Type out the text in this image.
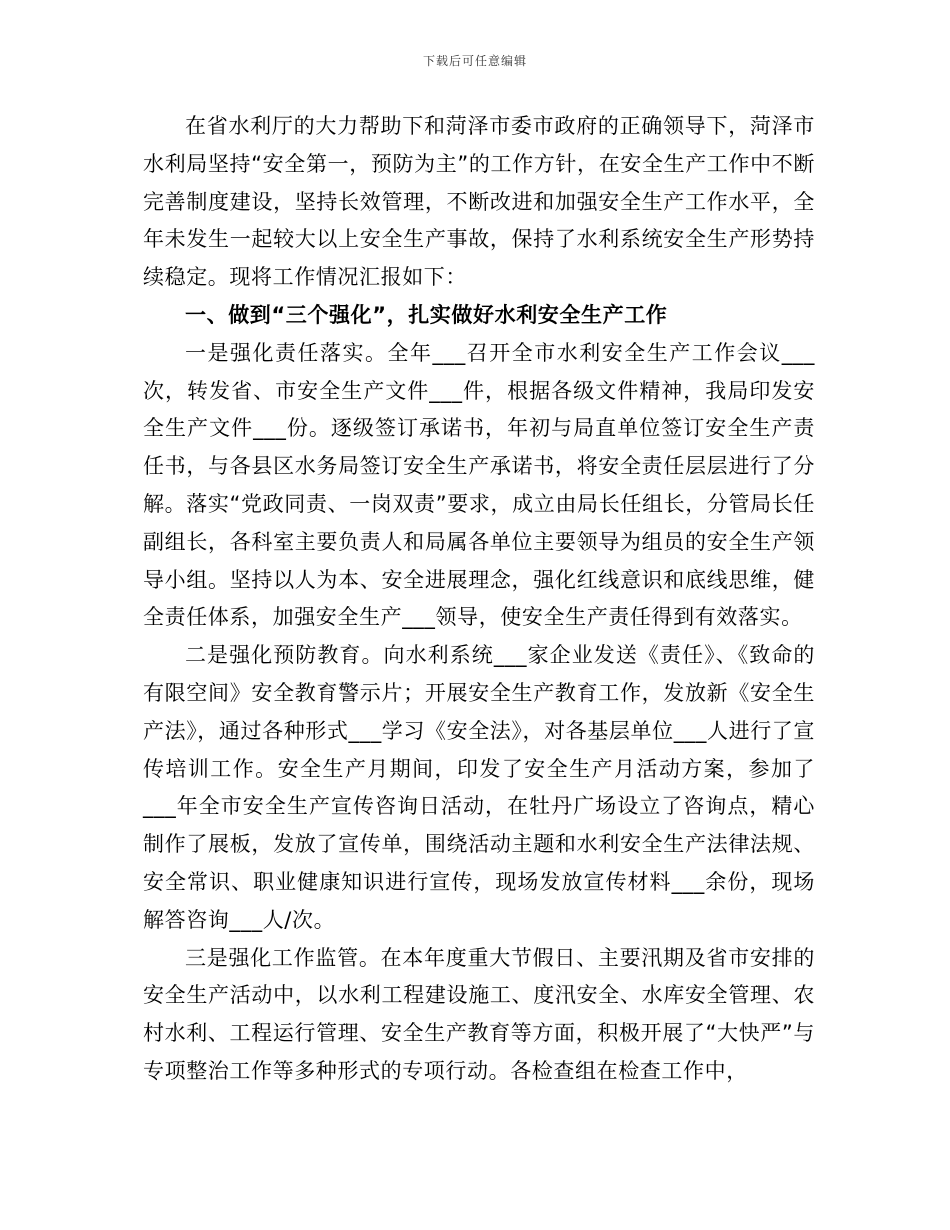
下载后可任意编辑

在省水利厅的大力帮助下和菏泽市委市政府的正确领导下，菏泽市水利局坚持“安全第一，预防为主”的工作方针，在安全生产工作中不断完善制度建设，坚持长效管理，不断改进和加强安全生产工作水平，全年未发生一起较大以上安全生产事故，保持了水利系统安全生产形势持续稳定。现将工作情况汇报如下：

一、做到“三个强化”，扎实做好水利安全生产工作

一是强化责任落实。全年___召开全市水利安全生产工作会议___次，转发省、市安全生产文件___件，根据各级文件精神，我局印发安全生产文件___份。逐级签订承诺书，年初与局直单位签订安全生产责任书，与各县区水务局签订安全生产承诺书，将安全责任层层进行了分解。落实“党政同责、一岗双责”要求，成立由局长任组长，分管局长任副组长，各科室主要负责人和局属各单位主要领导为组员的安全生产领导小组。坚持以人为本、安全进展理念，强化红线意识和底线思维，健全责任体系，加强安全生产___领导，使安全生产责任得到有效落实。

二是强化预防教育。向水利系统___家企业发送《责任》、《致命的有限空间》安全教育警示片；开展安全生产教育工作，发放新《安全生产法》，通过各种形式___学习《安全法》，对各基层单位___人进行了宣传培训工作。安全生产月期间，印发了安全生产月活动方案，参加了___年全市安全生产宣传咨询日活动，在牡丹广场设立了咨询点，精心制作了展板，发放了宣传单，围绕活动主题和水利安全生产法律法规、安全常识、职业健康知识进行宣传，现场发放宣传材料___余份，现场解答咨询___人/次。

三是强化工作监管。在本年度重大节假日、主要汛期及省市安排的安全生产活动中，以水利工程建设施工、度汛安全、水库安全管理、农村水利、工程运行管理、安全生产教育等方面，积极开展了“大快严”与专项整治工作等多种形式的专项行动。各检查组在检查工作中，
